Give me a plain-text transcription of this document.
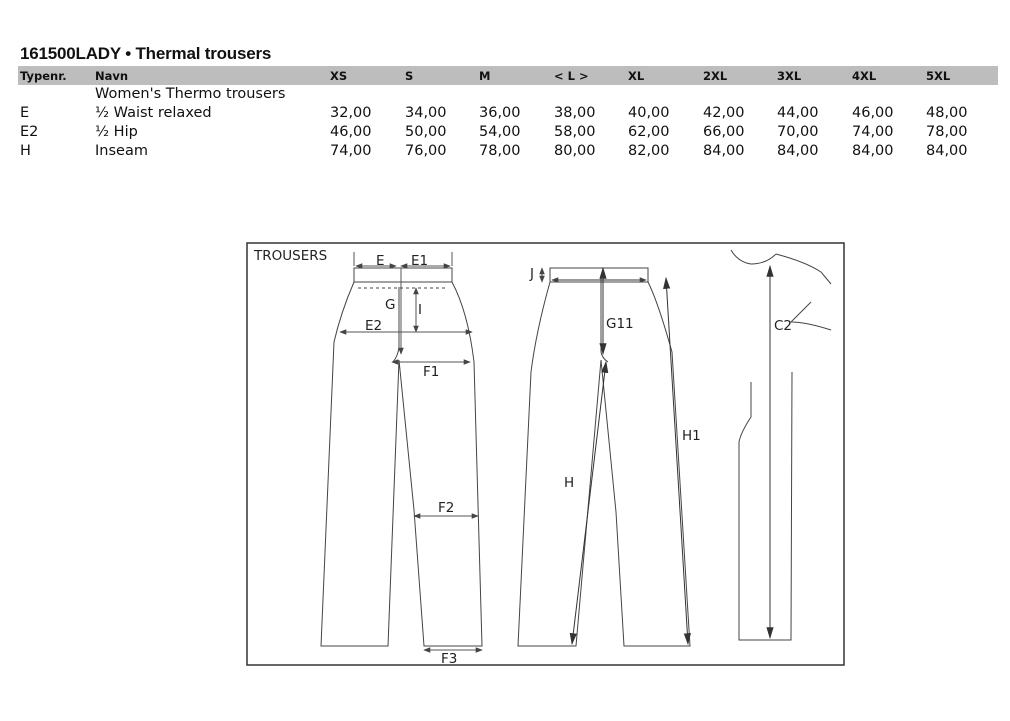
161500LADY • Thermal trousers
Typenr.	Navn	XS	S	M	< L >	XL	2XL	3XL	4XL	5XL
	Women's Thermo trousers									
E	½ Waist relaxed	32,00	34,00	36,00	38,00	40,00	42,00	44,00	46,00	48,00
E2	½ Hip	46,00	50,00	54,00	58,00	62,00	66,00	70,00	74,00	78,00
H	Inseam	74,00	76,00	78,00	80,00	82,00	84,00	84,00	84,00	84,00
TROUSERS	E E1
G I
E2
F1
F2
F3
J
G11
H1
H
C2
